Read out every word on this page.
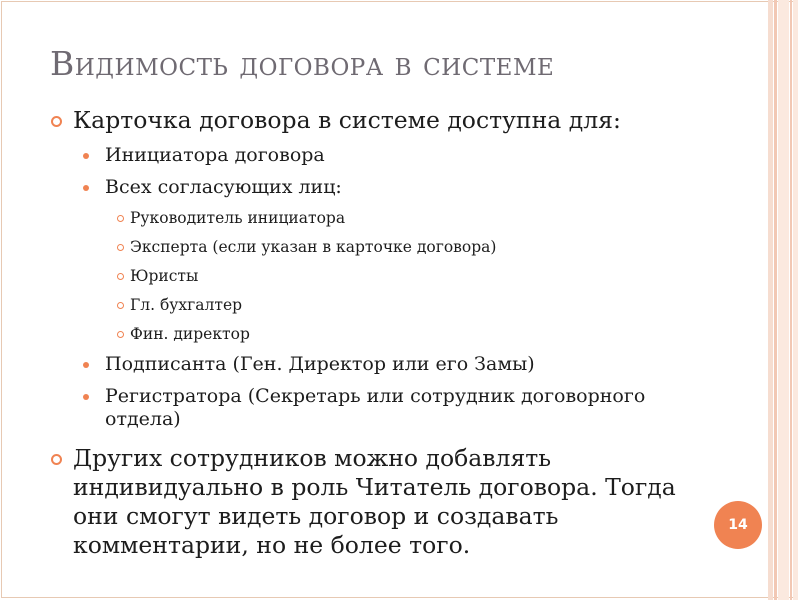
Видимость договора в системе
Карточка договора в системе доступна для:
Инициатора договора
Всех согласующих лиц:
Руководитель инициатора
Эксперта (если указан в карточке договора)
Юристы
Гл. бухгалтер
Фин. директор
Подписанта (Ген. Директор или его Замы)
Регистратора (Секретарь или сотрудник договорного отдела)
Других сотрудников можно добавлять индивидуально в роль Читатель договора. Тогда они смогут видеть договор и создавать комментарии, но не более того.
14
